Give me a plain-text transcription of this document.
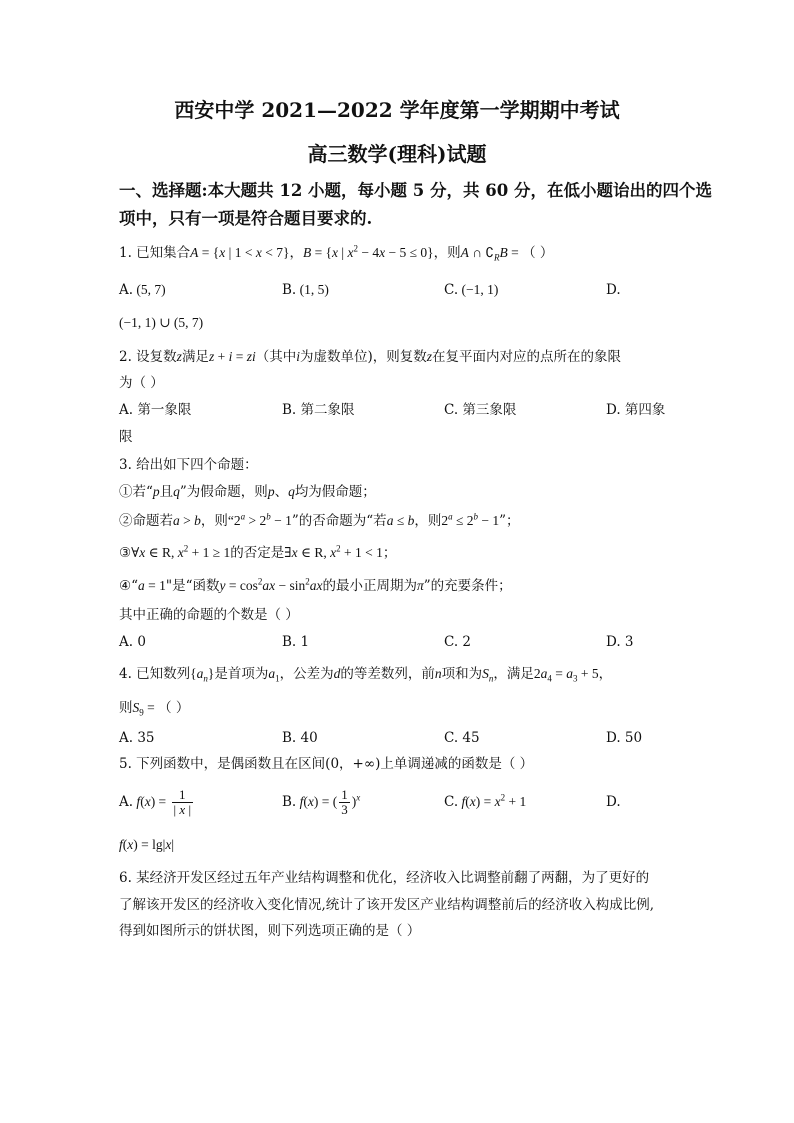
西安中学 2021—2022 学年度第一学期期中考试
高三数学(理科)试题
一、选择题:本大题共 12 小题，每小题 5 分，共 60 分，在低小题诒出的四个选
项中，只有一项是符合题目要求的.
1. 已知集合A = {x | 1 < x < 7}，B = {x | $x^2 - 4x - 5 \le 0$}，则A ∩ $∁_RB$ = （ ）
A. (5, 7)	B. (1, 5)	C. (−1, 1)	D.
(−1, 1) ∪ (5, 7)
2. 设复数z满足z + i = zi（其中i为虚数单位)，则复数z在复平面内对应的点所在的象限
为（ ）
A. 第一象限	B. 第二象限	C. 第三象限	D. 第四象
限
3. 给出如下四个命题：
①若“p且q”为假命题，则p、q均为假命题；
②命题若a > b，则“$2^a > 2^b - 1$”的否命题为“若a ≤ b，则$2^a \le 2^b - 1$”；
③∀x ∈ R, $x^2 + 1 \ge 1$的否定是∃x ∈ R, $x^2 + 1 < 1$；
④“a = 1"是“函数$y = \cos^2ax - \sin^2ax$的最小正周期为π”的充要条件；
其中正确的命题的个数是（ ）
A. 0	B. 1	C. 2	D. 3
4. 已知数列$\{a_n\}$是首项为$a_1$，公差为d的等差数列，前n项和为$S_n$，满足$2a_4 = a_3 + 5$，
则$S_9$ = （ ）
A. 35	B. 40	C. 45	D. 50
5. 下列函数中，是偶函数且在区间(0，+∞)上单调递减的函数是（ ）
A. $f(x) = \frac{1}{| x |}$	B. f(x) = ( $\frac{1}{3} )^x$	C. $f(x) = x^2 + 1$	D.
f(x) = lg|x|
6. 某经济开发区经过五年产业结构调整和优化，经济收入比调整前翻了两翻，为了更好的
了解该开发区的经济收入变化情况,统计了该开发区产业结构调整前后的经济收入构成比例,
得到如图所示的饼状图，则下列选项正确的是（ ）
